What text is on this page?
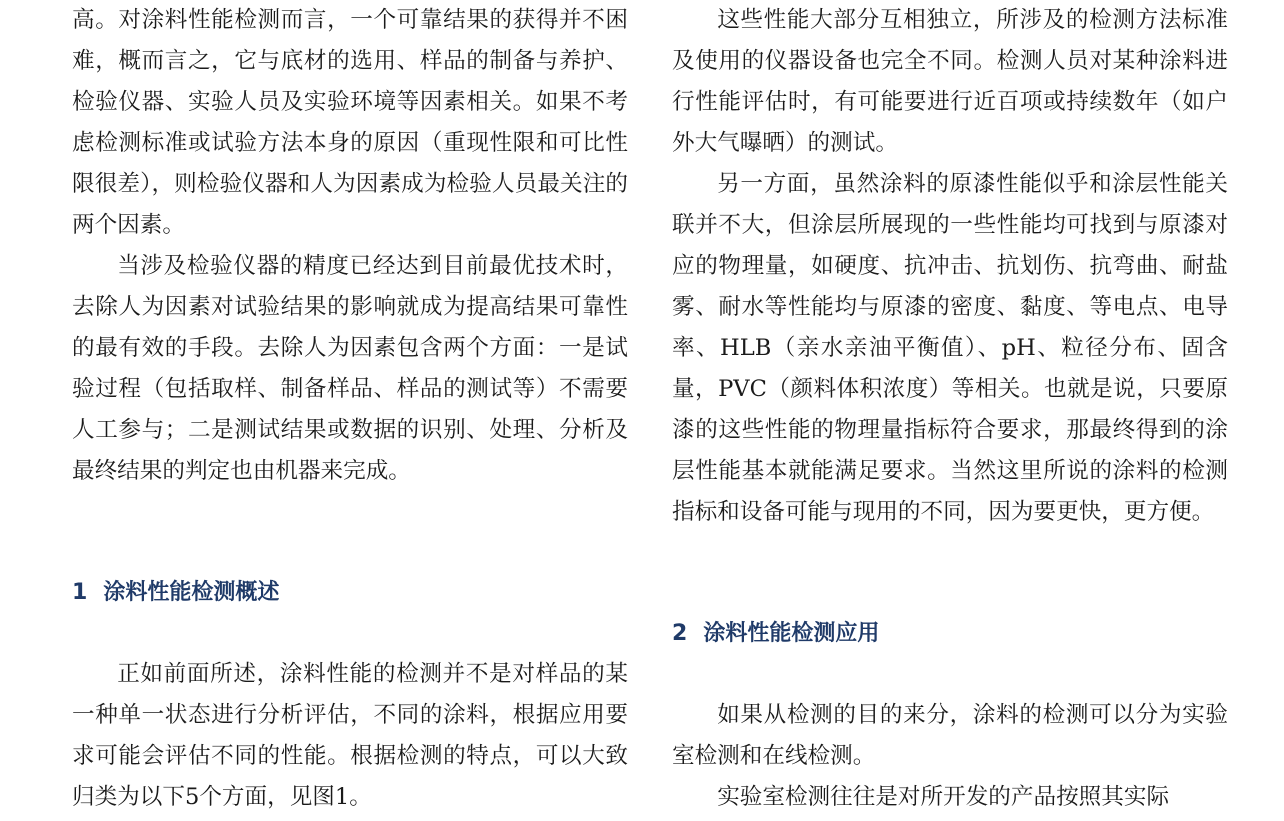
高。对涂料性能检测而言，一个可靠结果的获得并不困难，概而言之，它与底材的选用、样品的制备与养护、检验仪器、实验人员及实验环境等因素相关。如果不考虑检测标准或试验方法本身的原因（重现性限和可比性限很差），则检验仪器和人为因素成为检验人员最关注的两个因素。

当涉及检验仪器的精度已经达到目前最优技术时，去除人为因素对试验结果的影响就成为提高结果可靠性的最有效的手段。去除人为因素包含两个方面：一是试验过程（包括取样、制备样品、样品的测试等）不需要人工参与；二是测试结果或数据的识别、处理、分析及最终结果的判定也由机器来完成。

1 涂料性能检测概述

正如前面所述，涂料性能的检测并不是对样品的某一种单一状态进行分析评估，不同的涂料，根据应用要求可能会评估不同的性能。根据检测的特点，可以大致归类为以下5个方面，见图1。

这些性能大部分互相独立，所涉及的检测方法标准及使用的仪器设备也完全不同。检测人员对某种涂料进行性能评估时，有可能要进行近百项或持续数年（如户外大气曝晒）的测试。

另一方面，虽然涂料的原漆性能似乎和涂层性能关联并不大，但涂层所展现的一些性能均可找到与原漆对应的物理量，如硬度、抗冲击、抗划伤、抗弯曲、耐盐雾、耐水等性能均与原漆的密度、黏度、等电点、电导率、HLB（亲水亲油平衡值）、pH、粒径分布、固含量，PVC（颜料体积浓度）等相关。也就是说，只要原漆的这些性能的物理量指标符合要求，那最终得到的涂层性能基本就能满足要求。当然这里所说的涂料的检测指标和设备可能与现用的不同，因为要更快，更方便。

2 涂料性能检测应用

如果从检测的目的来分，涂料的检测可以分为实验室检测和在线检测。

实验室检测往往是对所开发的产品按照其实际
